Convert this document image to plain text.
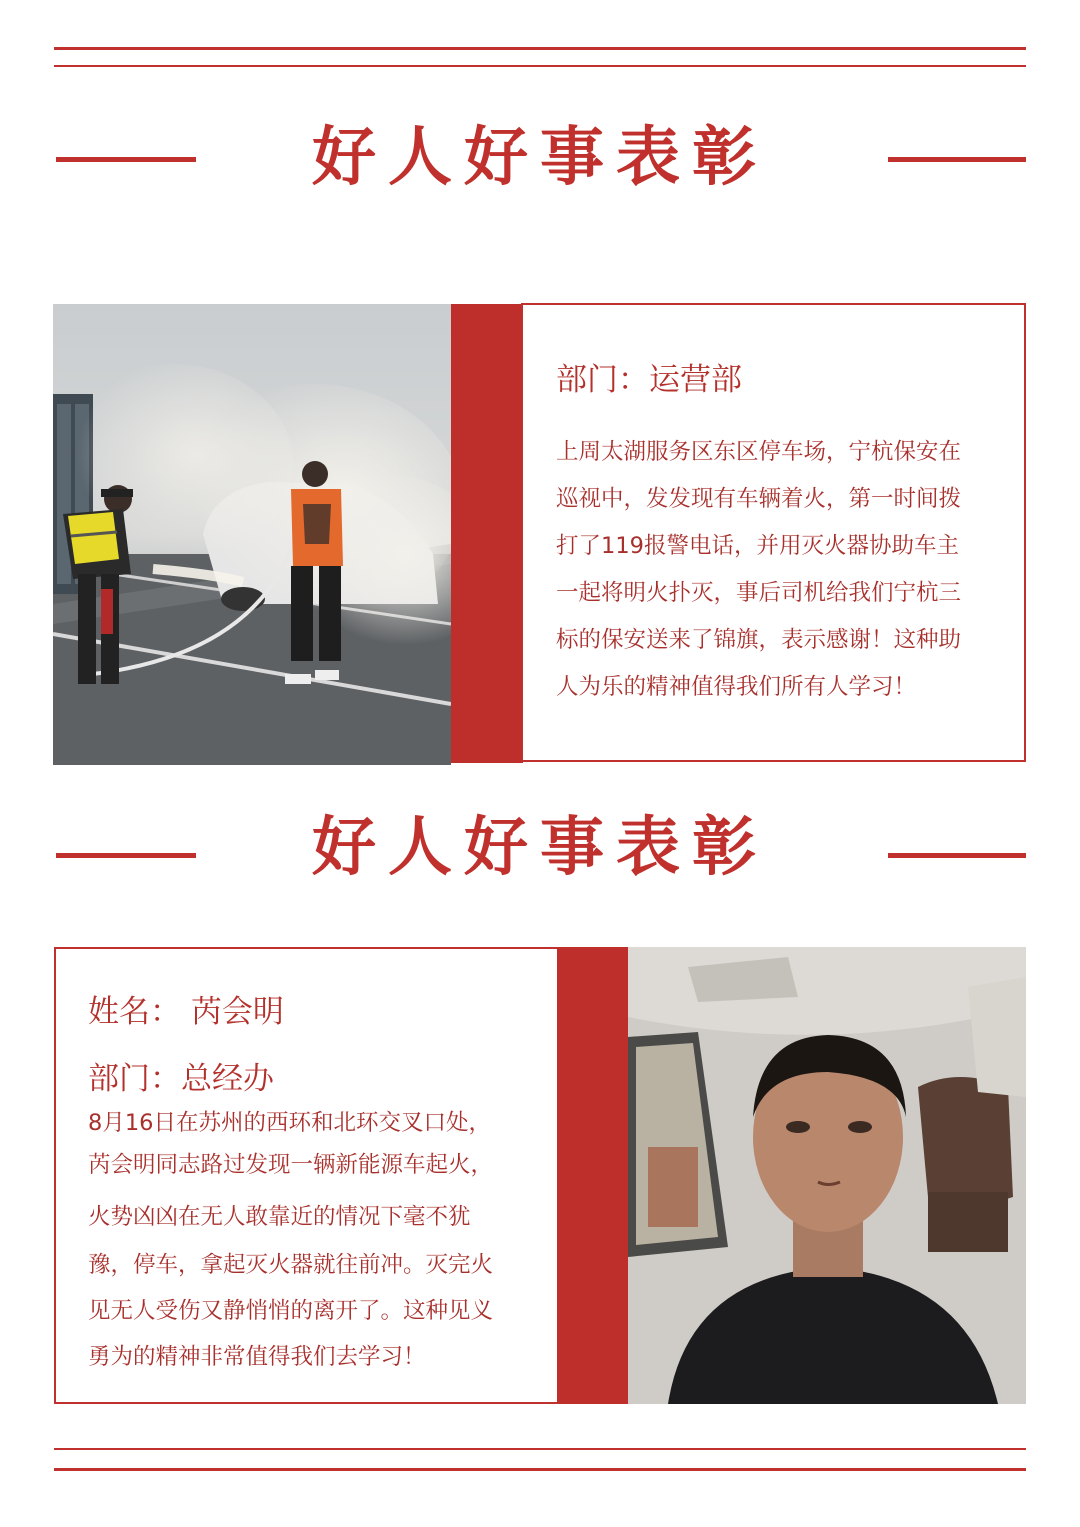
好人好事表彰
部门：运营部
上周太湖服务区东区停车场，宁杭保安在
巡视中，发发现有车辆着火，第一时间拨
打了119报警电话，并用灭火器协助车主
一起将明火扑灭，事后司机给我们宁杭三
标的保安送来了锦旗，表示感谢！这种助
人为乐的精神值得我们所有人学习！
好人好事表彰
姓名： 芮会明
部门：总经办
8月16日在苏州的西环和北环交叉口处，
芮会明同志路过发现一辆新能源车起火，
火势凶凶在无人敢靠近的情况下毫不犹
豫，停车，拿起灭火器就往前冲。灭完火
见无人受伤又静悄悄的离开了。这种见义
勇为的精神非常值得我们去学习！
